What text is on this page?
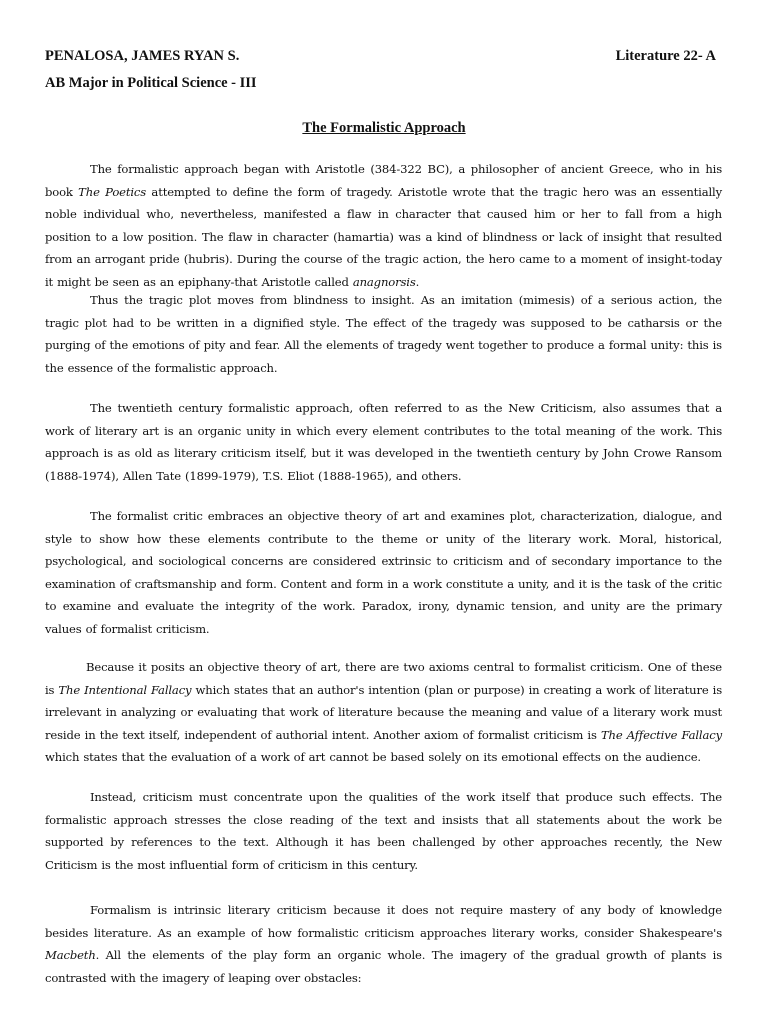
PENALOSA, JAMES RYAN S.	Literature 22- A
AB Major in Political Science - III
The Formalistic Approach

The formalistic approach began with Aristotle (384-322 BC), a philosopher of ancient Greece, who in his book The Poetics attempted to define the form of tragedy. Aristotle wrote that the tragic hero was an essentially noble individual who, nevertheless, manifested a flaw in character that caused him or her to fall from a high position to a low position. The flaw in character (hamartia) was a kind of blindness or lack of insight that resulted from an arrogant pride (hubris). During the course of the tragic action, the hero came to a moment of insight-today it might be seen as an epiphany-that Aristotle called anagnorsis.

Thus the tragic plot moves from blindness to insight. As an imitation (mimesis) of a serious action, the tragic plot had to be written in a dignified style. The effect of the tragedy was supposed to be catharsis or the purging of the emotions of pity and fear. All the elements of tragedy went together to produce a formal unity: this is the essence of the formalistic approach.

The twentieth century formalistic approach, often referred to as the New Criticism, also assumes that a work of literary art is an organic unity in which every element contributes to the total meaning of the work. This approach is as old as literary criticism itself, but it was developed in the twentieth century by John Crowe Ransom (1888-1974), Allen Tate (1899-1979), T.S. Eliot (1888-1965), and others.

The formalist critic embraces an objective theory of art and examines plot, characterization, dialogue, and style to show how these elements contribute to the theme or unity of the literary work. Moral, historical, psychological, and sociological concerns are considered extrinsic to criticism and of secondary importance to the examination of craftsmanship and form. Content and form in a work constitute a unity, and it is the task of the critic to examine and evaluate the integrity of the work. Paradox, irony, dynamic tension, and unity are the primary values of formalist criticism.

Because it posits an objective theory of art, there are two axioms central to formalist criticism. One of these is The Intentional Fallacy which states that an author's intention (plan or purpose) in creating a work of literature is irrelevant in analyzing or evaluating that work of literature because the meaning and value of a literary work must reside in the text itself, independent of authorial intent. Another axiom of formalist criticism is The Affective Fallacy which states that the evaluation of a work of art cannot be based solely on its emotional effects on the audience.

Instead, criticism must concentrate upon the qualities of the work itself that produce such effects. The formalistic approach stresses the close reading of the text and insists that all statements about the work be supported by references to the text. Although it has been challenged by other approaches recently, the New Criticism is the most influential form of criticism in this century.

Formalism is intrinsic literary criticism because it does not require mastery of any body of knowledge besides literature. As an example of how formalistic criticism approaches literary works, consider Shakespeare's Macbeth. All the elements of the play form an organic whole. The imagery of the gradual growth of plants is contrasted with the imagery of leaping over obstacles:
